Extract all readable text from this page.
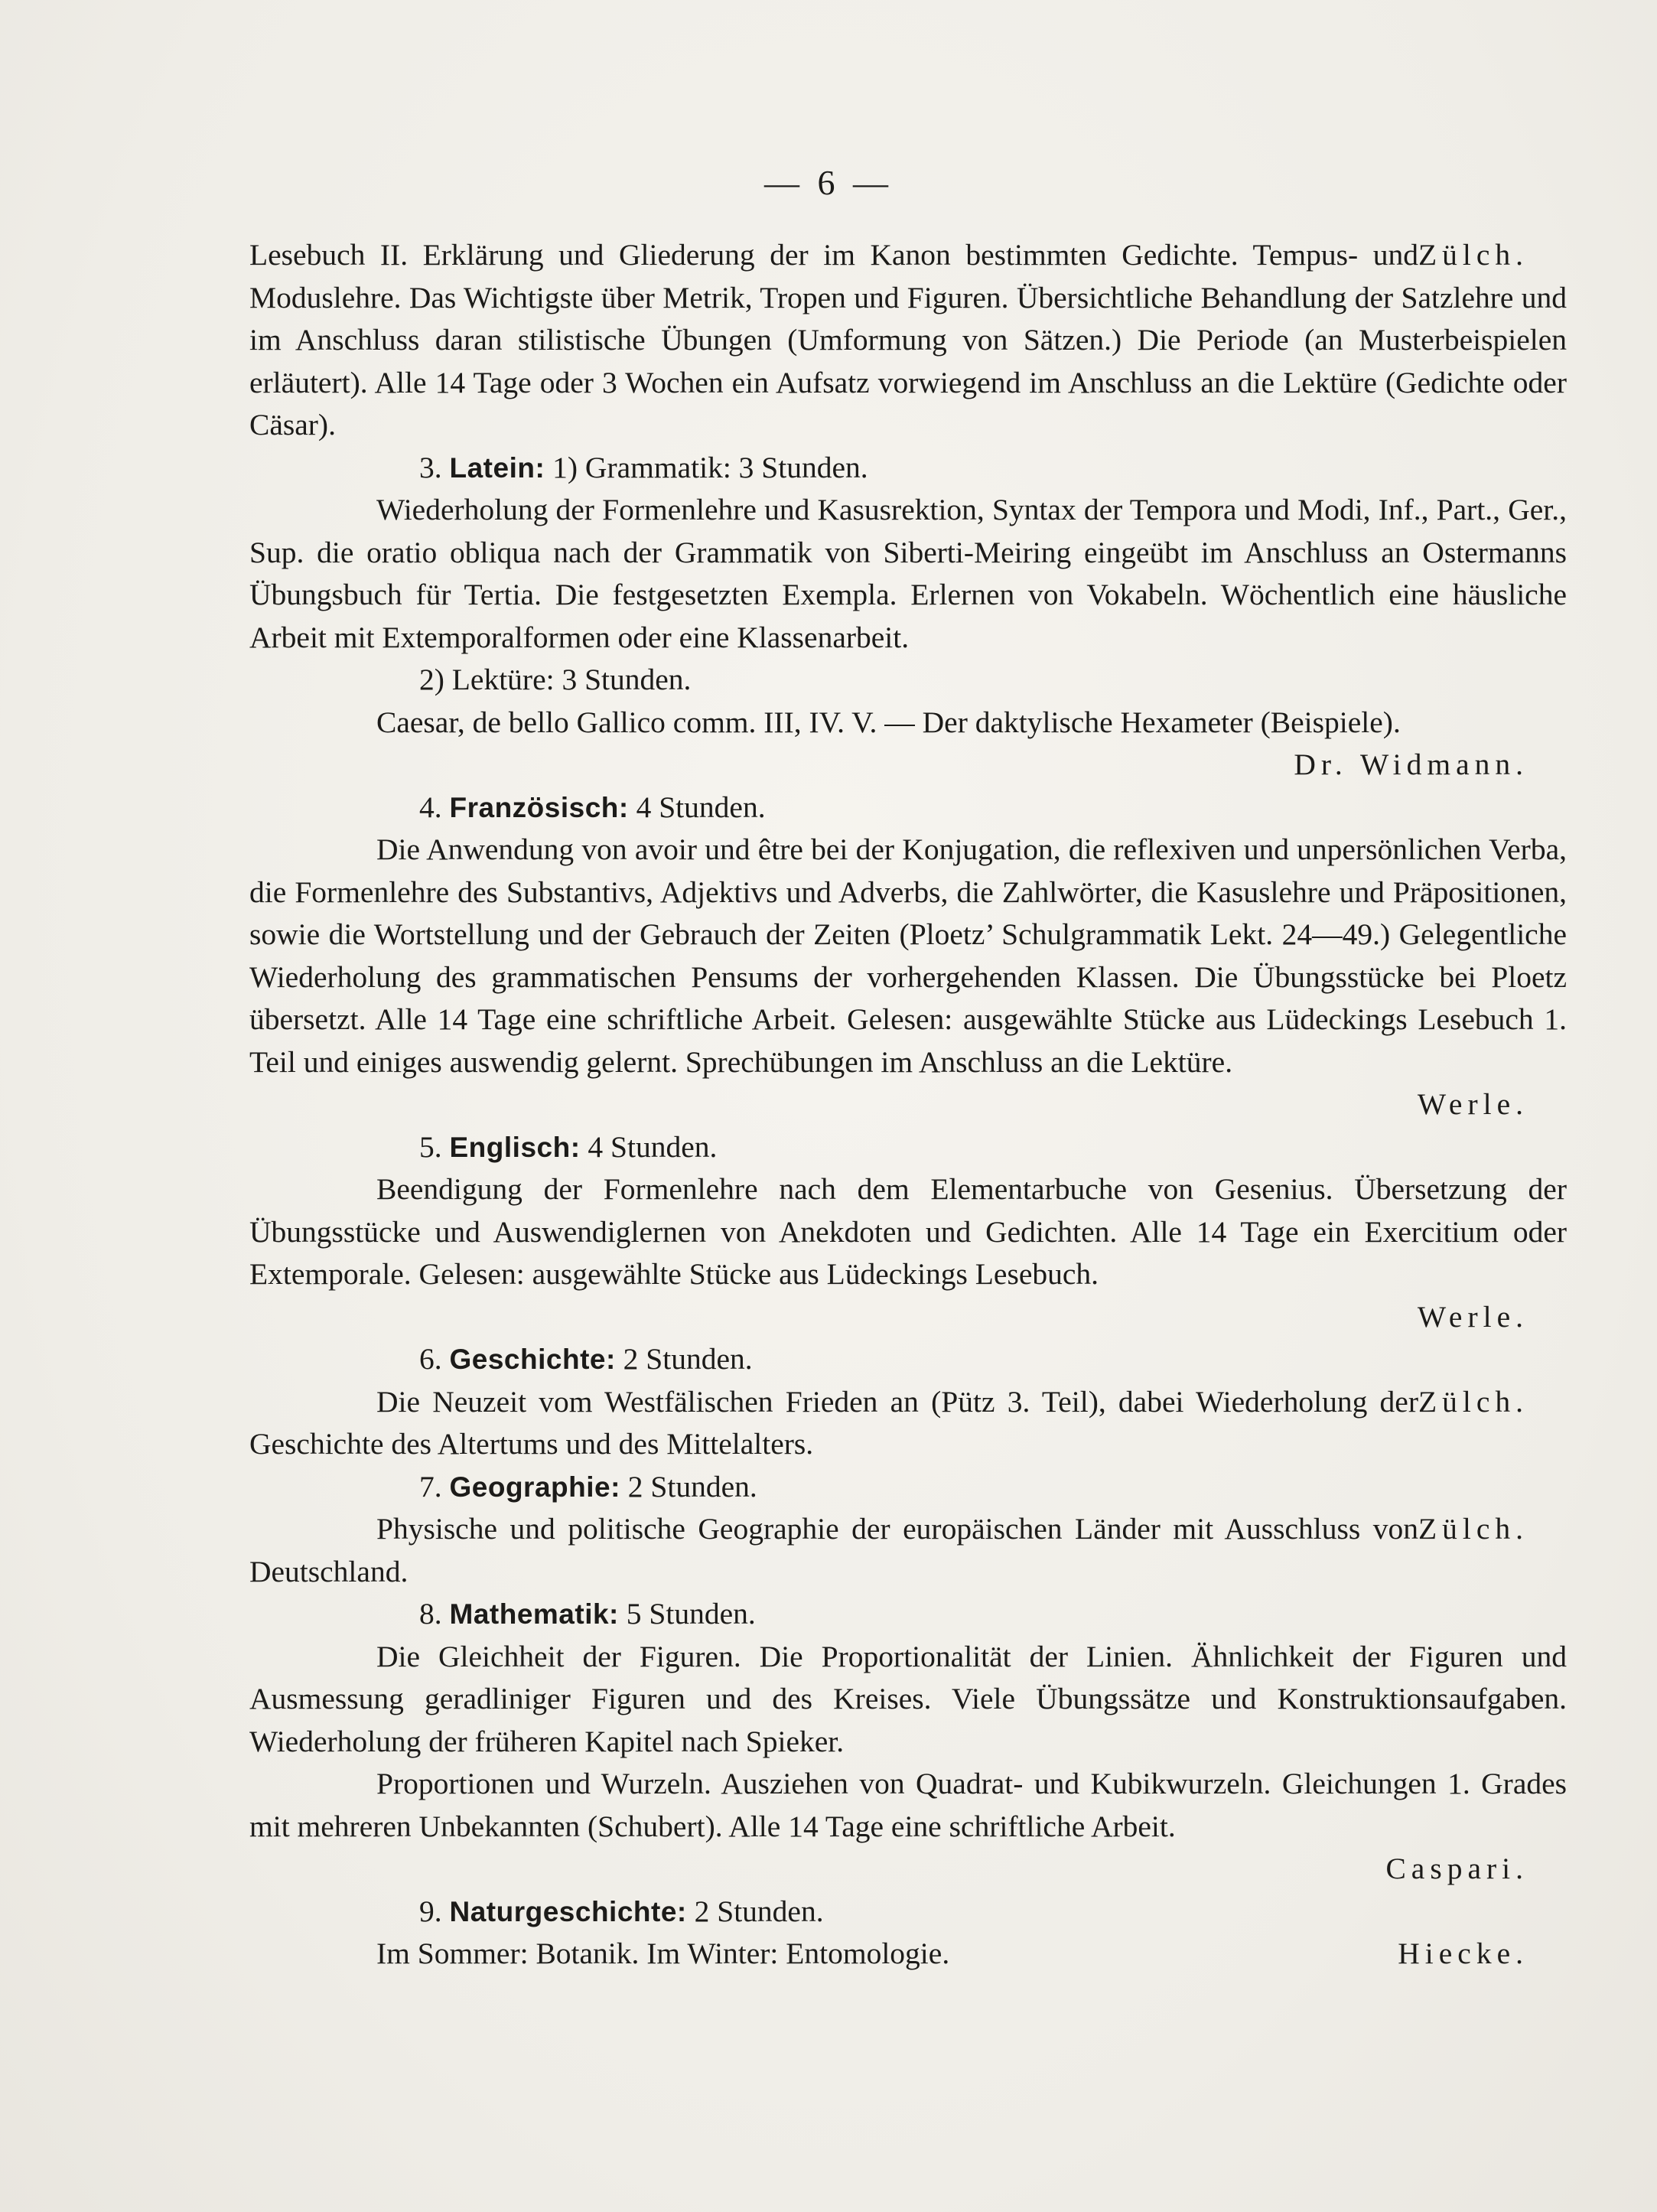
— 6 —

Zülch.
Lesebuch II. Erklärung und Gliederung der im Kanon bestimmten Gedichte. Tempus- und Moduslehre. Das Wichtigste über Metrik, Tropen und Figuren. Übersichtliche Behandlung der Satzlehre und im Anschluss daran stilistische Übungen (Umformung von Sätzen.) Die Periode (an Musterbeispielen erläutert). Alle 14 Tage oder 3 Wochen ein Aufsatz vorwiegend im Anschluss an die Lektüre (Gedichte oder Cäsar).

3. Latein: 1) Grammatik: 3 Stunden.

Wiederholung der Formenlehre und Kasusrektion, Syntax der Tempora und Modi, Inf., Part., Ger., Sup. die oratio obliqua nach der Grammatik von Siberti-Meiring eingeübt im Anschluss an Ostermanns Übungsbuch für Tertia. Die festgesetzten Exempla. Erlernen von Vokabeln. Wöchentlich eine häusliche Arbeit mit Extemporalformen oder eine Klassenarbeit.

2) Lektüre: 3 Stunden.

Caesar, de bello Gallico comm. III, IV. V. — Der daktylische Hexameter (Beispiele).

Dr. Widmann.

4. Französisch: 4 Stunden.

Die Anwendung von avoir und être bei der Konjugation, die reflexiven und unpersönlichen Verba, die Formenlehre des Substantivs, Adjektivs und Adverbs, die Zahlwörter, die Kasuslehre und Präpositionen, sowie die Wortstellung und der Gebrauch der Zeiten (Ploetz’ Schulgrammatik Lekt. 24—49.) Gelegentliche Wiederholung des grammatischen Pensums der vorhergehenden Klassen. Die Übungsstücke bei Ploetz übersetzt. Alle 14 Tage eine schriftliche Arbeit. Gelesen: ausgewählte Stücke aus Lüdeckings Lesebuch 1. Teil und einiges auswendig gelernt. Sprechübungen im Anschluss an die Lektüre.

Werle.

5. Englisch: 4 Stunden.

Beendigung der Formenlehre nach dem Elementarbuche von Gesenius. Übersetzung der Übungsstücke und Auswendiglernen von Anekdoten und Gedichten. Alle 14 Tage ein Exercitium oder Extemporale. Gelesen: ausgewählte Stücke aus Lüdeckings Lesebuch.

Werle.

6. Geschichte: 2 Stunden.

Zülch.
Die Neuzeit vom Westfälischen Frieden an (Pütz 3. Teil), dabei Wiederholung der Geschichte des Altertums und des Mittelalters.

7. Geographie: 2 Stunden.

Zülch.
Physische und politische Geographie der europäischen Länder mit Ausschluss von Deutschland.

8. Mathematik: 5 Stunden.

Die Gleichheit der Figuren. Die Proportionalität der Linien. Ähnlichkeit der Figuren und Ausmessung geradliniger Figuren und des Kreises. Viele Übungssätze und Konstruktionsaufgaben. Wiederholung der früheren Kapitel nach Spieker.

Proportionen und Wurzeln. Ausziehen von Quadrat- und Kubikwurzeln. Gleichungen 1. Grades mit mehreren Unbekannten (Schubert). Alle 14 Tage eine schriftliche Arbeit.

Caspari.

9. Naturgeschichte: 2 Stunden.

Hiecke.
Im Sommer: Botanik. Im Winter: Entomologie.
